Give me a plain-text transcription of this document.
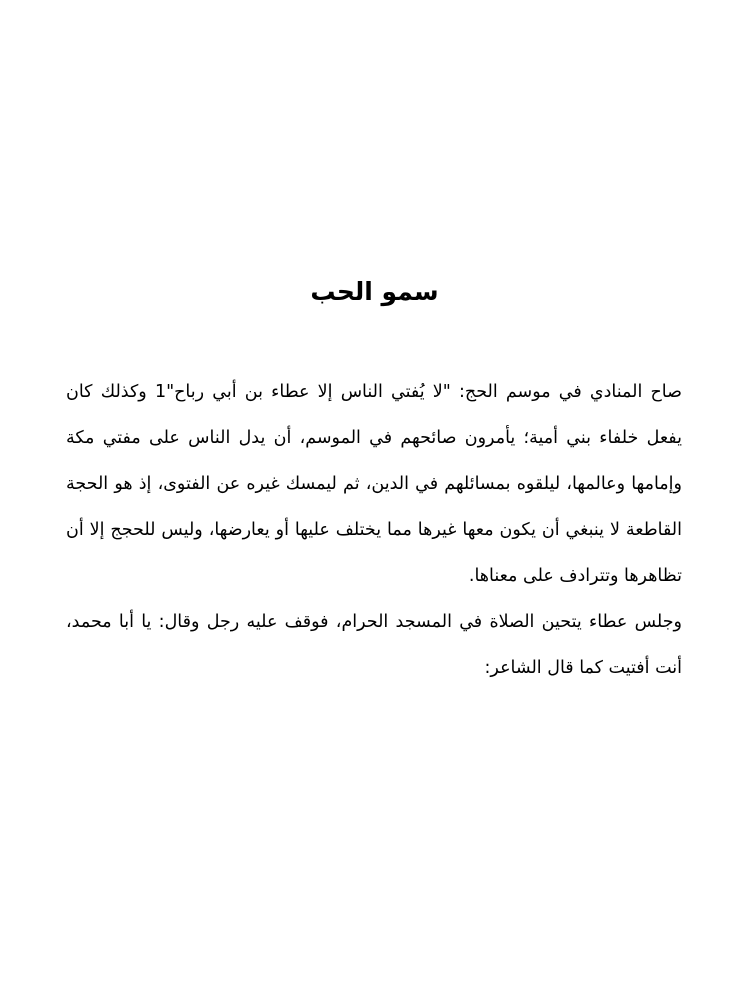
سمو الحب

صاح المنادي في موسم الحج: "لا يُفتي الناس إلا عطاء بن أبي رباح"1 وكذلك كان يفعل خلفاء بني أمية؛ يأمرون صائحهم في الموسم، أن يدل الناس على مفتي مكة وإمامها وعالمها، ليلقوه بمسائلهم في الدين، ثم ليمسك غيره عن الفتوى، إذ هو الحجة القاطعة لا ينبغي أن يكون معها غيرها مما يختلف عليها أو يعارضها، وليس للحجج إلا أن تظاهرها وتترادف على معناها.

وجلس عطاء يتحين الصلاة في المسجد الحرام، فوقف عليه رجل وقال: يا أبا محمد، أنت أفتيت كما قال الشاعر:
